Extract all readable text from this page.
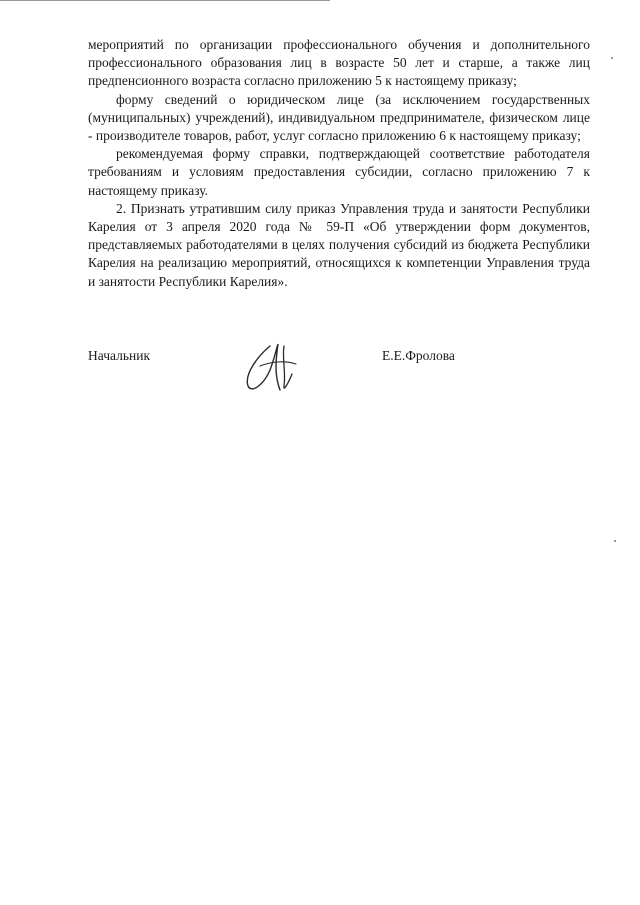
мероприятий по организации профессионального обучения и дополнительного профессионального образования лиц в возрасте 50 лет и старше, а также лиц предпенсионного возраста согласно приложению 5 к настоящему приказу;

форму сведений о юридическом лице (за исключением государственных (муниципальных) учреждений), индивидуальном предпринимателе, физическом лице - производителе товаров, работ, услуг согласно приложению 6 к настоящему приказу;

рекомендуемая форму справки, подтверждающей соответствие работодателя требованиям и условиям предоставления субсидии, согласно приложению 7 к настоящему приказу.

2. Признать утратившим силу приказ Управления труда и занятости Республики Карелия от 3 апреля 2020 года № 59-П «Об утверждении форм документов, представляемых работодателями в целях получения субсидий из бюджета Республики Карелия на реализацию мероприятий, относящихся к компетенции Управления труда и занятости Республики Карелия».

Начальник	Е.Е.Фролова
